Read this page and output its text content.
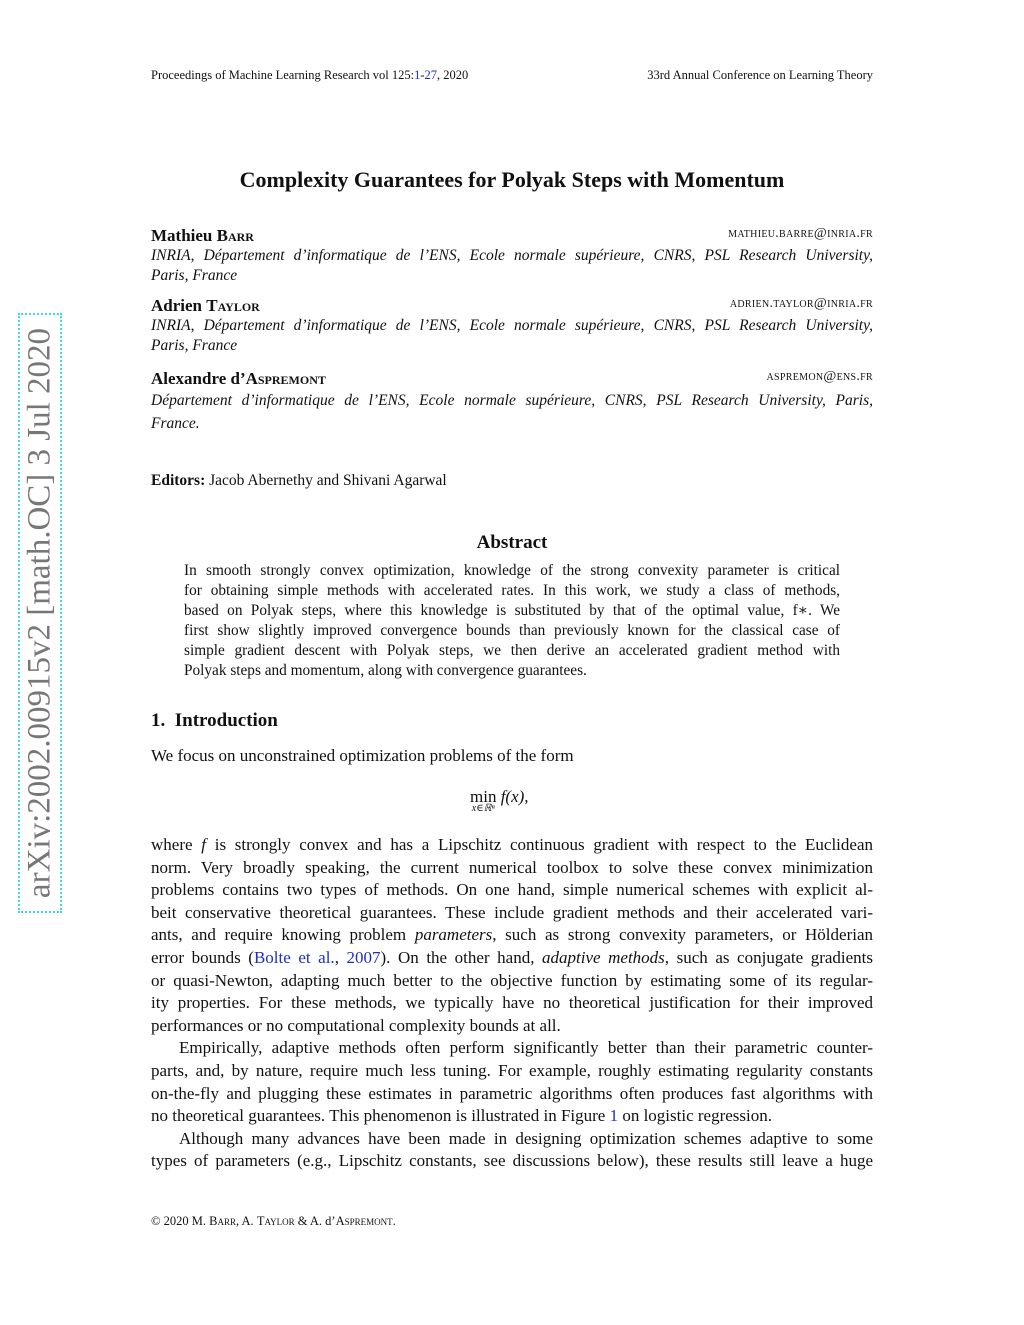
Proceedings of Machine Learning Research vol 125:1-27, 2020	33rd Annual Conference on Learning Theory
arXiv:2002.00915v2 [math.OC] 3 Jul 2020
Complexity Guarantees for Polyak Steps with Momentum
Mathieu Barr	mathieu.barre@inria.fr
INRIA, Département d’informatique de l’ENS, Ecole normale supérieure, CNRS, PSL Research University,
Paris, France
Adrien Taylor	adrien.taylor@inria.fr
INRIA, Département d’informatique de l’ENS, Ecole normale supérieure, CNRS, PSL Research University,
Paris, France
Alexandre d’Aspremont	aspremon@ens.fr
Département d’informatique de l’ENS, Ecole normale supérieure, CNRS, PSL Research University, Paris,
France.
Editors: Jacob Abernethy and Shivani Agarwal
Abstract
In smooth strongly convex optimization, knowledge of the strong convexity parameter is critical
for obtaining simple methods with accelerated rates. In this work, we study a class of methods,
based on Polyak steps, where this knowledge is substituted by that of the optimal value, f∗. We
first show slightly improved convergence bounds than previously known for the classical case of
simple gradient descent with Polyak steps, we then derive an accelerated gradient method with
Polyak steps and momentum, along with convergence guarantees.
1. Introduction
We focus on unconstrained optimization problems of the form
min
x∈ℝⁿ
f(x),
where f is strongly convex and has a Lipschitz continuous gradient with respect to the Euclidean
norm. Very broadly speaking, the current numerical toolbox to solve these convex minimization
problems contains two types of methods. On one hand, simple numerical schemes with explicit al-
beit conservative theoretical guarantees. These include gradient methods and their accelerated vari-
ants, and require knowing problem parameters, such as strong convexity parameters, or Hölderian
error bounds (Bolte et al., 2007). On the other hand, adaptive methods, such as conjugate gradients
or quasi-Newton, adapting much better to the objective function by estimating some of its regular-
ity properties. For these methods, we typically have no theoretical justification for their improved
performances or no computational complexity bounds at all.
Empirically, adaptive methods often perform significantly better than their parametric counter-
parts, and, by nature, require much less tuning. For example, roughly estimating regularity constants
on-the-fly and plugging these estimates in parametric algorithms often produces fast algorithms with
no theoretical guarantees. This phenomenon is illustrated in Figure 1 on logistic regression.
Although many advances have been made in designing optimization schemes adaptive to some
types of parameters (e.g., Lipschitz constants, see discussions below), these results still leave a huge
© 2020 M. Barr, A. Taylor & A. d’Aspremont.
